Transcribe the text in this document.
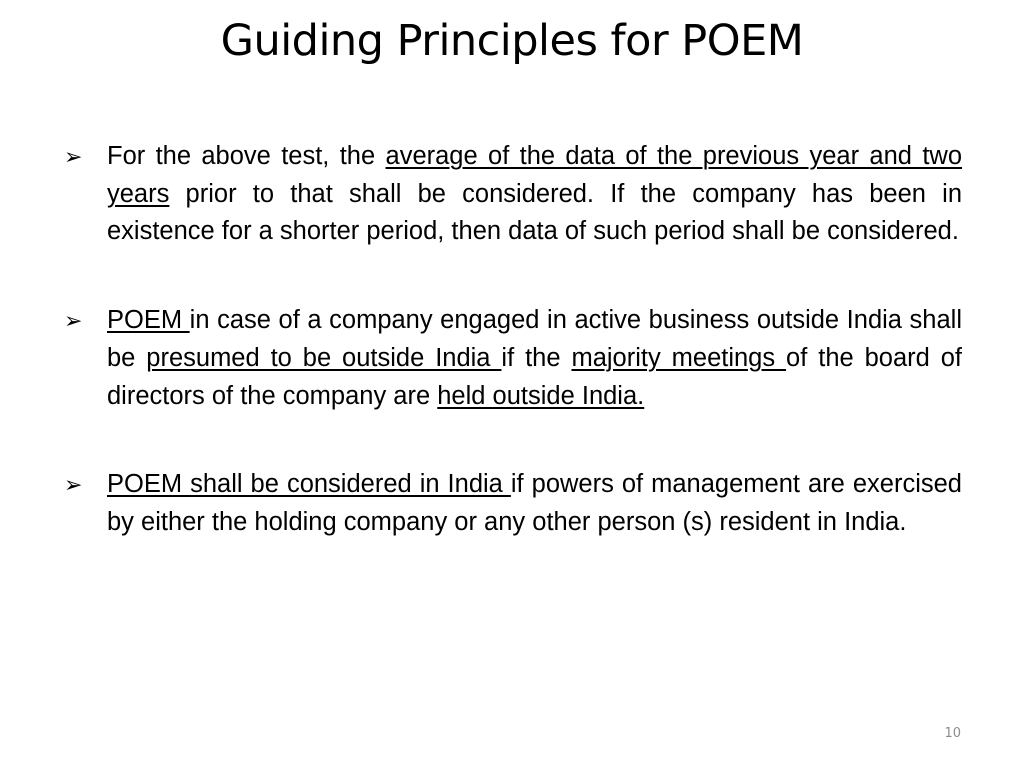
Guiding Principles for POEM
➢ For the above test, the average of the data of the previous year and two years prior to that shall be considered. If the company has been in existence for a shorter period, then data of such period shall be considered.
➢ POEM in case of a company engaged in active business outside India shall be presumed to be outside India if the majority meetings of the board of directors of the company are held outside India.
➢ POEM shall be considered in India if powers of management are exercised by either the holding company or any other person (s) resident in India.
10
